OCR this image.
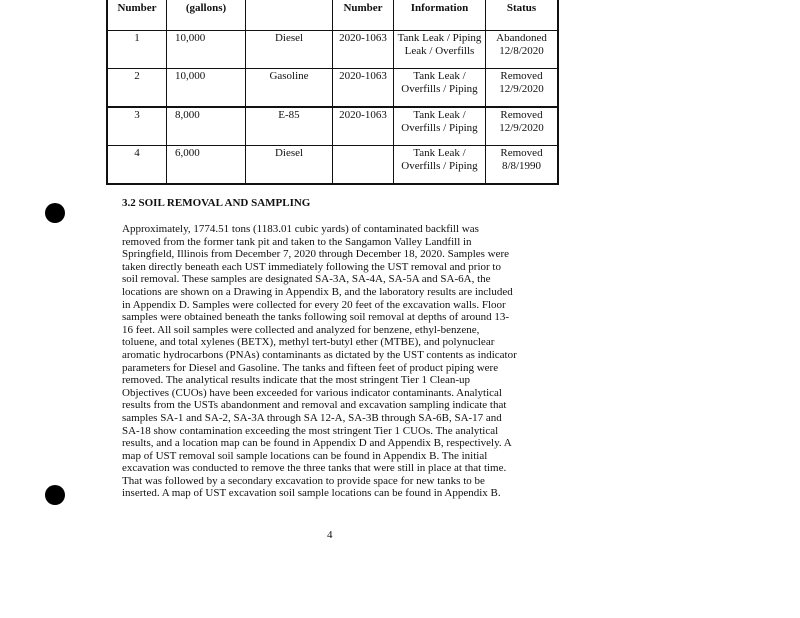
Number	(gallons)		Number	Information	Status
1	10,000	Diesel	2020-1063	Tank Leak / Piping Leak / Overfills	Abandoned 12/8/2020
2	10,000	Gasoline	2020-1063	Tank Leak / Overfills / Piping	Removed 12/9/2020
3	8,000	E-85	2020-1063	Tank Leak / Overfills / Piping	Removed 12/9/2020
4	6,000	Diesel		Tank Leak / Overfills / Piping	Removed 8/8/1990
3.2 SOIL REMOVAL AND SAMPLING
Approximately, 1774.51 tons (1183.01 cubic yards) of contaminated backfill was
removed from the former tank pit and taken to the Sangamon Valley Landfill in
Springfield, Illinois from December 7, 2020 through December 18, 2020. Samples were
taken directly beneath each UST immediately following the UST removal and prior to
soil removal. These samples are designated SA-3A, SA-4A, SA-5A and SA-6A, the
locations are shown on a Drawing in Appendix B, and the laboratory results are included
in Appendix D. Samples were collected for every 20 feet of the excavation walls. Floor
samples were obtained beneath the tanks following soil removal at depths of around 13-
16 feet. All soil samples were collected and analyzed for benzene, ethyl-benzene,
toluene, and total xylenes (BETX), methyl tert-butyl ether (MTBE), and polynuclear
aromatic hydrocarbons (PNAs) contaminants as dictated by the UST contents as indicator
parameters for Diesel and Gasoline. The tanks and fifteen feet of product piping were
removed. The analytical results indicate that the most stringent Tier 1 Clean-up
Objectives (CUOs) have been exceeded for various indicator contaminants. Analytical
results from the USTs abandonment and removal and excavation sampling indicate that
samples SA-1 and SA-2, SA-3A through SA 12-A, SA-3B through SA-6B, SA-17 and
SA-18 show contamination exceeding the most stringent Tier 1 CUOs. The analytical
results, and a location map can be found in Appendix D and Appendix B, respectively. A
map of UST removal soil sample locations can be found in Appendix B. The initial
excavation was conducted to remove the three tanks that were still in place at that time.
That was followed by a secondary excavation to provide space for new tanks to be
inserted. A map of UST excavation soil sample locations can be found in Appendix B.
4
